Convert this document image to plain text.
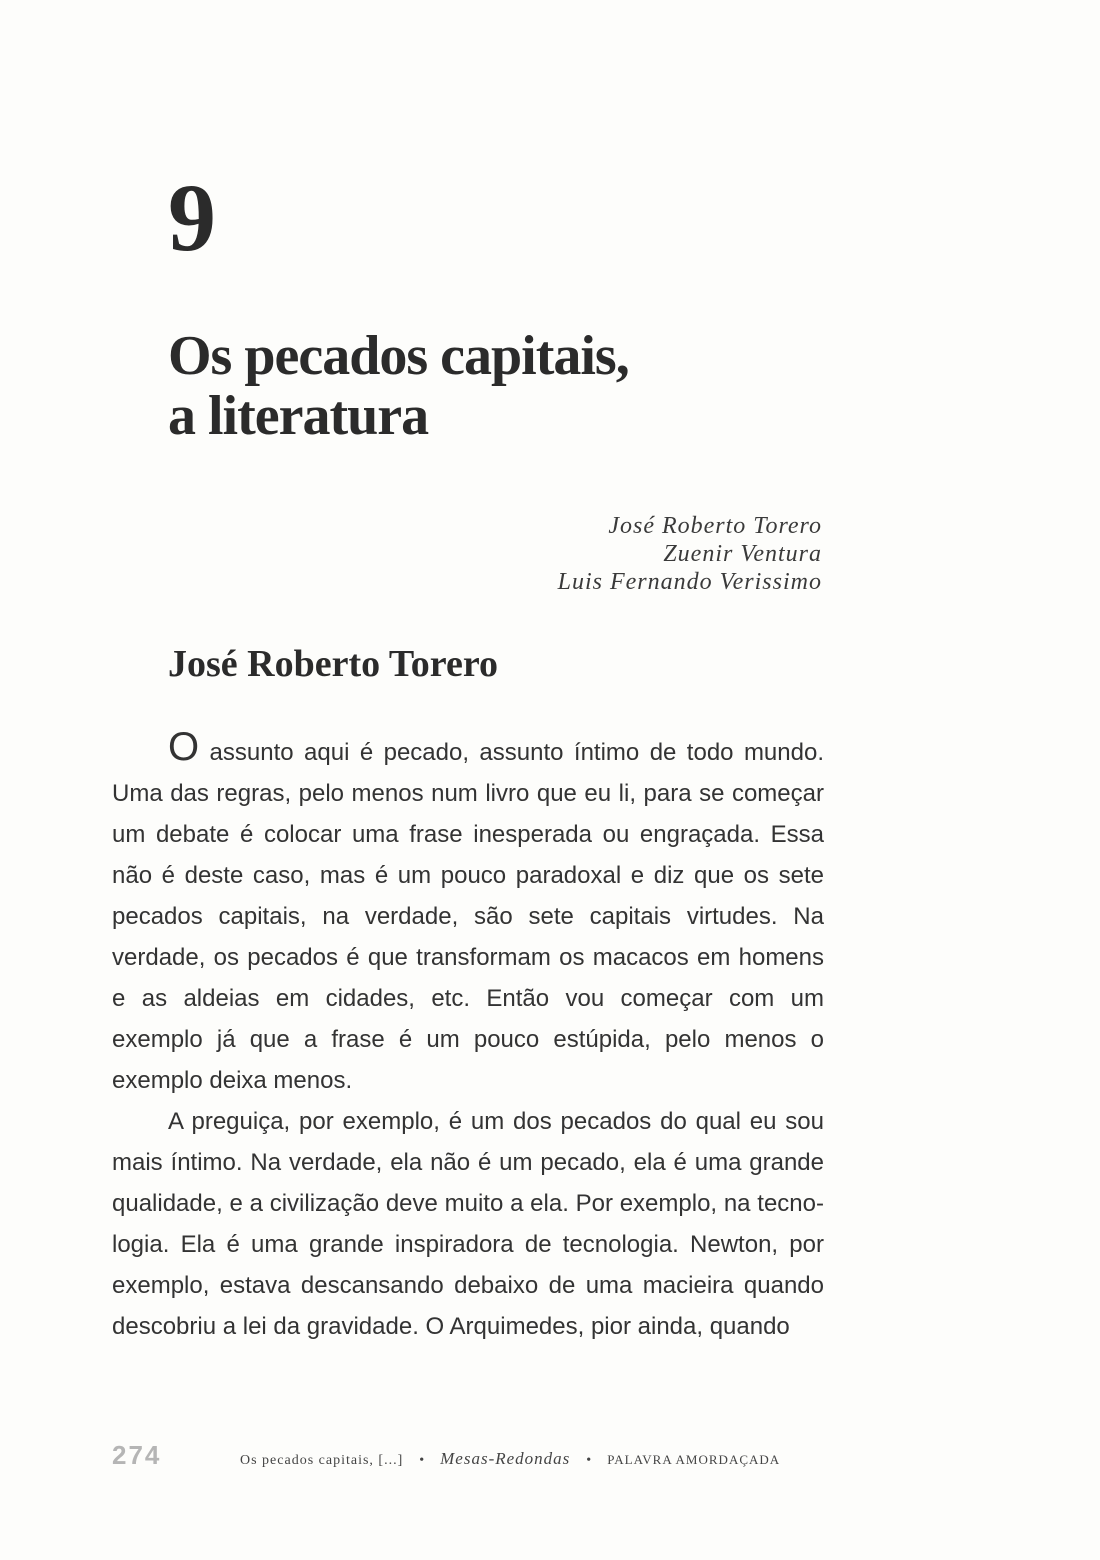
9
Os pecados capitais,
a literatura
José Roberto Torero
Zuenir Ventura
Luis Fernando Verissimo
José Roberto Torero

O assunto aqui é pecado, assunto íntimo de todo mundo. Uma das regras, pelo menos num livro que eu li, para se começar um debate é colocar uma frase inesperada ou engraçada. Essa não é deste caso, mas é um pouco paradoxal e diz que os sete pecados capitais, na verdade, são sete capitais virtudes. Na verdade, os pecados é que transformam os macacos em homens e as aldeias em cidades, etc. Então vou começar com um exemplo já que a frase é um pouco estúpida, pelo menos o exemplo deixa menos.

A preguiça, por exemplo, é um dos pecados do qual eu sou mais íntimo. Na verdade, ela não é um pecado, ela é uma grande qualidade, e a civilização deve muito a ela. Por exemplo, na tecnologia. Ela é uma grande inspiradora de tecnologia. Newton, por exemplo, estava descansando debaixo de uma macieira quando descobriu a lei da gravidade. O Arquimedes, pior ainda, quando

274	Os pecados capitais, [...] • Mesas-Redondas • PALAVRA AMORDAÇADA
